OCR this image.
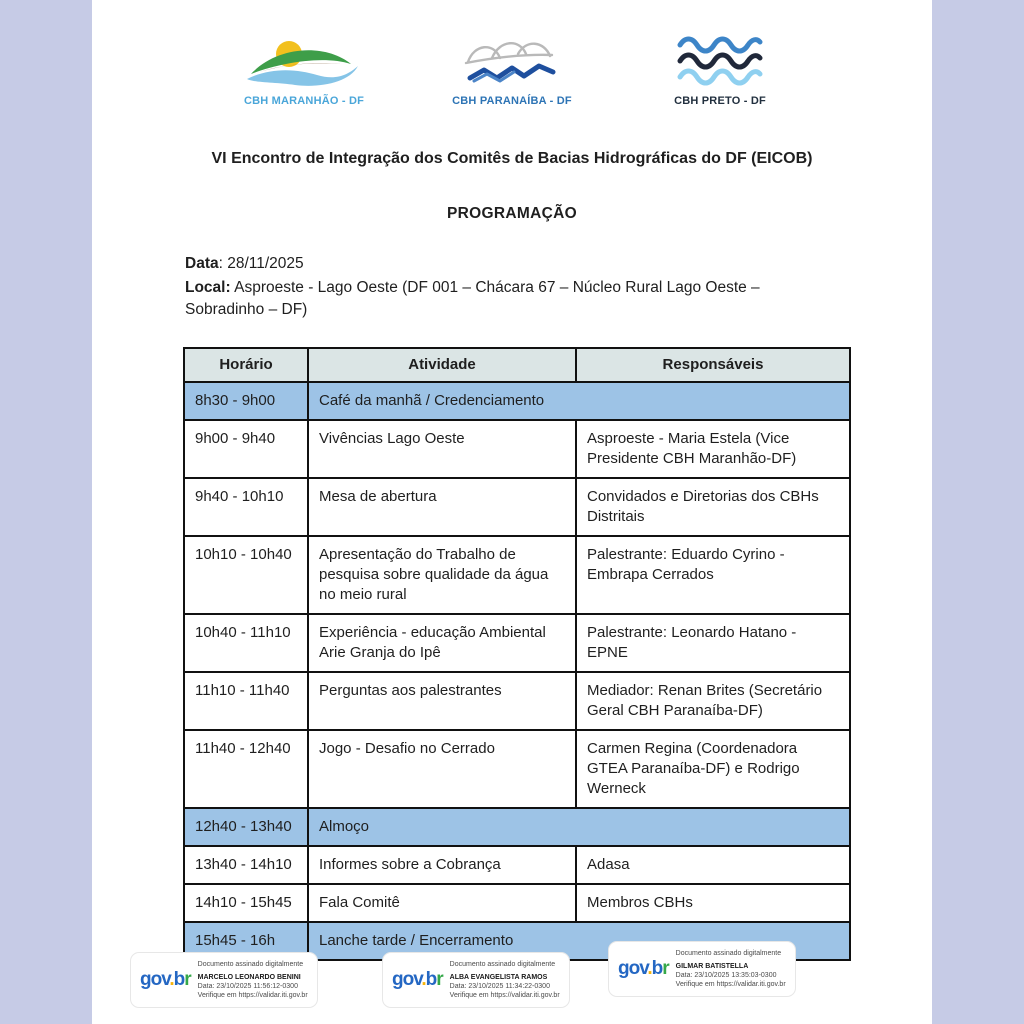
CBH MARANHÃO - DF	CBH PARANAÍBA - DF	CBH PRETO - DF
VI Encontro de Integração dos Comitês de Bacias Hidrográficas do DF (EICOB)
PROGRAMAÇÃO

Data: 28/11/2025

Local: Asproeste - Lago Oeste (DF 001 – Chácara 67 – Núcleo Rural Lago Oeste – Sobradinho – DF)

Horário	Atividade	Responsáveis
8h30 - 9h00	Café da manhã / Credenciamento	
9h00 - 9h40	Vivências Lago Oeste	Asproeste - Maria Estela (Vice Presidente CBH Maranhão-DF)
9h40 - 10h10	Mesa de abertura	Convidados e Diretorias dos CBHs Distritais
10h10 - 10h40	Apresentação do Trabalho de pesquisa sobre qualidade da água no meio rural	Palestrante: Eduardo Cyrino - Embrapa Cerrados
10h40 - 11h10	Experiência - educação Ambiental Arie Granja do Ipê	Palestrante: Leonardo Hatano - EPNE
11h10 - 11h40	Perguntas aos palestrantes	Mediador: Renan Brites (Secretário Geral CBH Paranaíba-DF)
11h40 - 12h40	Jogo - Desafio no Cerrado	Carmen Regina (Coordenadora GTEA Paranaíba-DF) e Rodrigo Werneck
12h40 - 13h40	Almoço	
13h40 - 14h10	Informes sobre a Cobrança	Adasa
14h10 - 15h45	Fala Comitê	Membros CBHs
15h45 - 16h	Lanche tarde / Encerramento	
gov.br
Documento assinado digitalmente
MARCELO LEONARDO BENINI
Data: 23/10/2025 11:56:12-0300
Verifique em https://validar.iti.gov.br
gov.br
Documento assinado digitalmente
ALBA EVANGELISTA RAMOS
Data: 23/10/2025 11:34:22-0300
Verifique em https://validar.iti.gov.br
gov.br
Documento assinado digitalmente
GILMAR BATISTELLA
Data: 23/10/2025 13:35:03-0300
Verifique em https://validar.iti.gov.br
